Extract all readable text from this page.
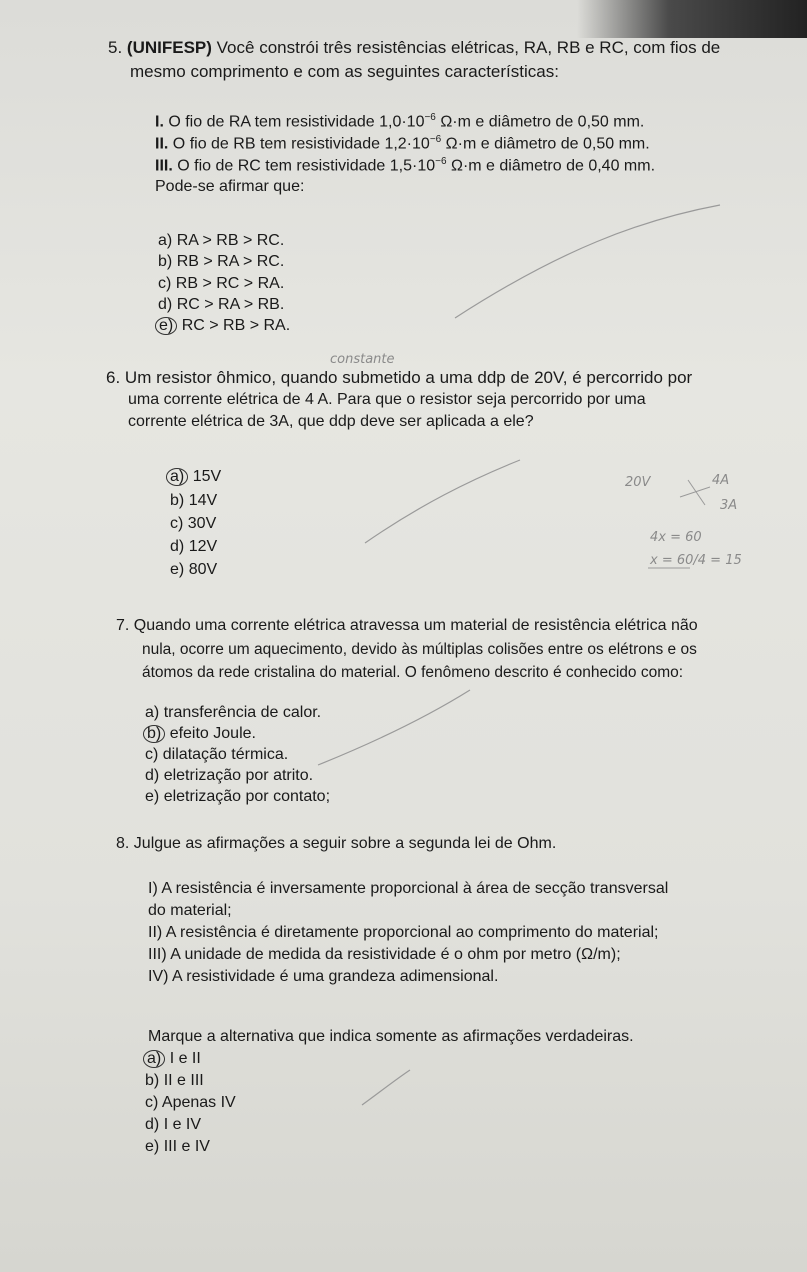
5. (UNIFESP) Você constrói três resistências elétricas, RA, RB e RC, com fios de
mesmo comprimento e com as seguintes características:
I. O fio de RA tem resistividade $1,0\cdot 10^{-6}$ Ω·m e diâmetro de 0,50 mm.
II. O fio de RB tem resistividade $1,2\cdot 10^{-6}$ Ω·m e diâmetro de 0,50 mm.
III. O fio de RC tem resistividade $1,5\cdot 10^{-6}$ Ω·m e diâmetro de 0,40 mm.
Pode-se afirmar que:
a) RA > RB > RC.
b) RB > RA > RC.
c) RB > RC > RA.
d) RC > RA > RB.
e) RC > RB > RA.
constante
6. Um resistor ôhmico, quando submetido a uma ddp de 20V, é percorrido por
uma corrente elétrica de 4 A. Para que o resistor seja percorrido por uma
corrente elétrica de 3A, que ddp deve ser aplicada a ele?
a) 15V
b) 14V
c) 30V
d) 12V
e) 80V
20V	4A
3A
4x = 60
x = 60/4 = 15
7. Quando uma corrente elétrica atravessa um material de resistência elétrica não
nula, ocorre um aquecimento, devido às múltiplas colisões entre os elétrons e os
átomos da rede cristalina do material. O fenômeno descrito é conhecido como:
a) transferência de calor.
b) efeito Joule.
c) dilatação térmica.
d) eletrização por atrito.
e) eletrização por contato;
8. Julgue as afirmações a seguir sobre a segunda lei de Ohm.
I) A resistência é inversamente proporcional à área de secção transversal
do material;
II) A resistência é diretamente proporcional ao comprimento do material;
III) A unidade de medida da resistividade é o ohm por metro (Ω/m);
IV) A resistividade é uma grandeza adimensional.
Marque a alternativa que indica somente as afirmações verdadeiras.
a) I e II
b) II e III
c) Apenas IV
d) I e IV
e) III e IV
